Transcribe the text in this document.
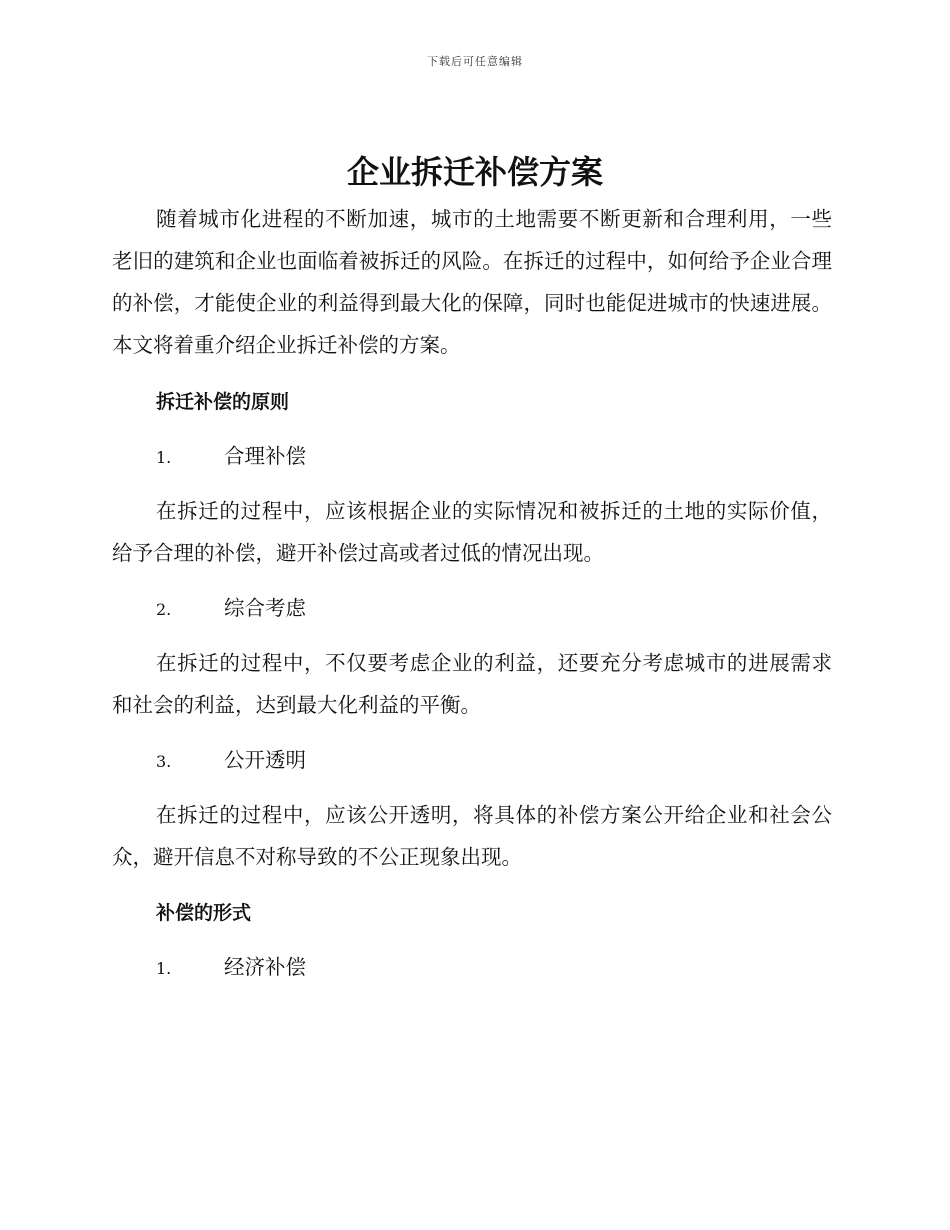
下载后可任意编辑
企业拆迁补偿方案

随着城市化进程的不断加速，城市的土地需要不断更新和合理利用，一些老旧的建筑和企业也面临着被拆迁的风险。在拆迁的过程中，如何给予企业合理的补偿，才能使企业的利益得到最大化的保障，同时也能促进城市的快速进展。本文将着重介绍企业拆迁补偿的方案。

拆迁补偿的原则
1.	合理补偿

在拆迁的过程中，应该根据企业的实际情况和被拆迁的土地的实际价值，给予合理的补偿，避开补偿过高或者过低的情况出现。

2.	综合考虑

在拆迁的过程中，不仅要考虑企业的利益，还要充分考虑城市的进展需求和社会的利益，达到最大化利益的平衡。

3.	公开透明

在拆迁的过程中，应该公开透明，将具体的补偿方案公开给企业和社会公众，避开信息不对称导致的不公正现象出现。

补偿的形式
1.	经济补偿
